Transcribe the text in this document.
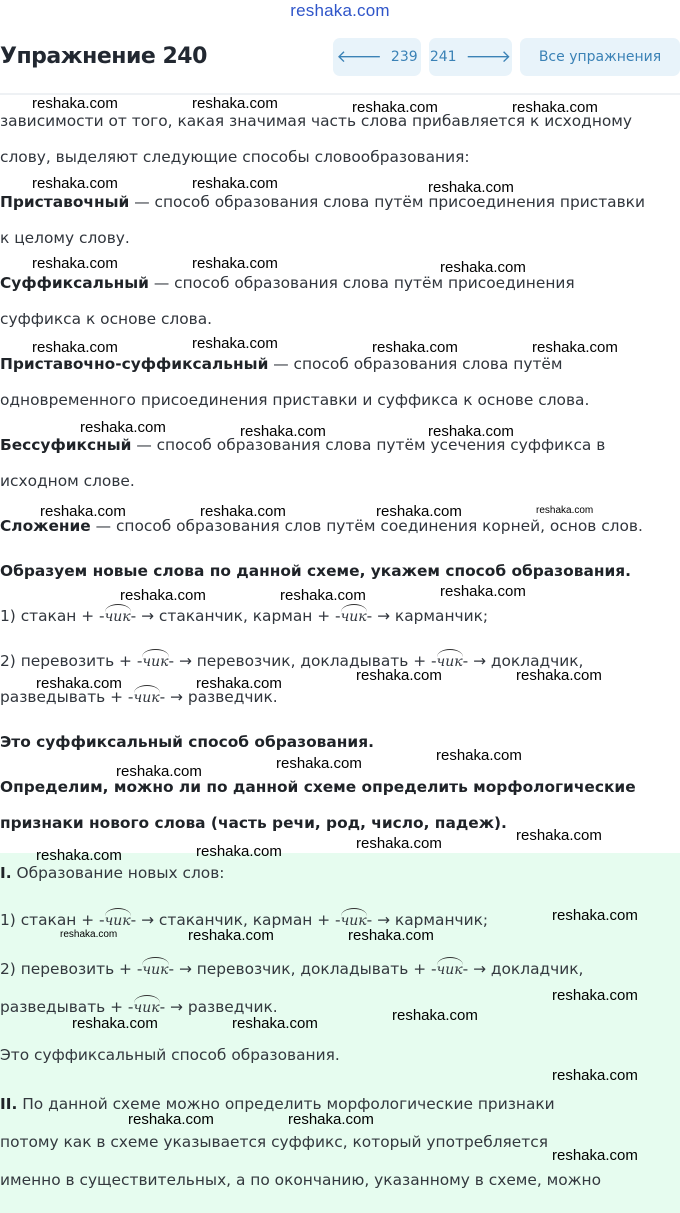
reshaka.com
Упражнение 240	🡐 239 241 🡒 Все упражнения
зависимости от того, какая значимая часть слова прибавляется к исходному
слову, выделяют следующие способы словообразования:
Приставочный — способ образования слова путём присоединения приставки
к целому слову.
Суффиксальный — способ образования слова путём присоединения
суффикса к основе слова.
Приставочно-суффиксальный — способ образования слова путём
одновременного присоединения приставки и суффикса к основе слова.
Бессуфиксный — способ образования слова путём усечения суффикса в
исходном слове.
Сложение — способ образования слов путём соединения корней, основ слов.
Образуем новые слова по данной схеме, укажем способ образования.
1) стакан + -чик- → стаканчик, карман + -чик- → карманчик;
2) перевозить + -чик- → перевозчик, докладывать + -чик- → докладчик,
разведывать + -чик- → разведчик.
Это суффиксальный способ образования.
Определим, можно ли по данной схеме определить морфологические
признаки нового слова (часть речи, род, число, падеж).
I. Образование новых слов:
1) стакан + -чик- → стаканчик, карман + -чик- → карманчик;
2) перевозить + -чик- → перевозчик, докладывать + -чик- → докладчик,
разведывать + -чик- → разведчик.
Это суффиксальный способ образования.
II. По данной схеме можно определить морфологические признаки
потому как в схеме указывается суффикс, который употребляется
именно в существительных, а по окончанию, указанному в схеме, можно
reshaka.com	reshaka.com	reshaka.com	reshaka.com
reshaka.com	reshaka.com	reshaka.com
reshaka.com	reshaka.com	reshaka.com
reshaka.com	reshaka.com	reshaka.com	reshaka.com
reshaka.com	reshaka.com	reshaka.com
reshaka.com	reshaka.com	reshaka.com	reshaka.com
reshaka.com	reshaka.com	reshaka.com
reshaka.com	reshaka.com	reshaka.com	reshaka.com
reshaka.com
reshaka.com	reshaka.com
reshaka.com
reshaka.com
reshaka.com	reshaka.com
reshaka.com
reshaka.com	reshaka.com	reshaka.com
reshaka.com
reshaka.com
reshaka.com	reshaka.com
reshaka.com
reshaka.com	reshaka.com
reshaka.com
